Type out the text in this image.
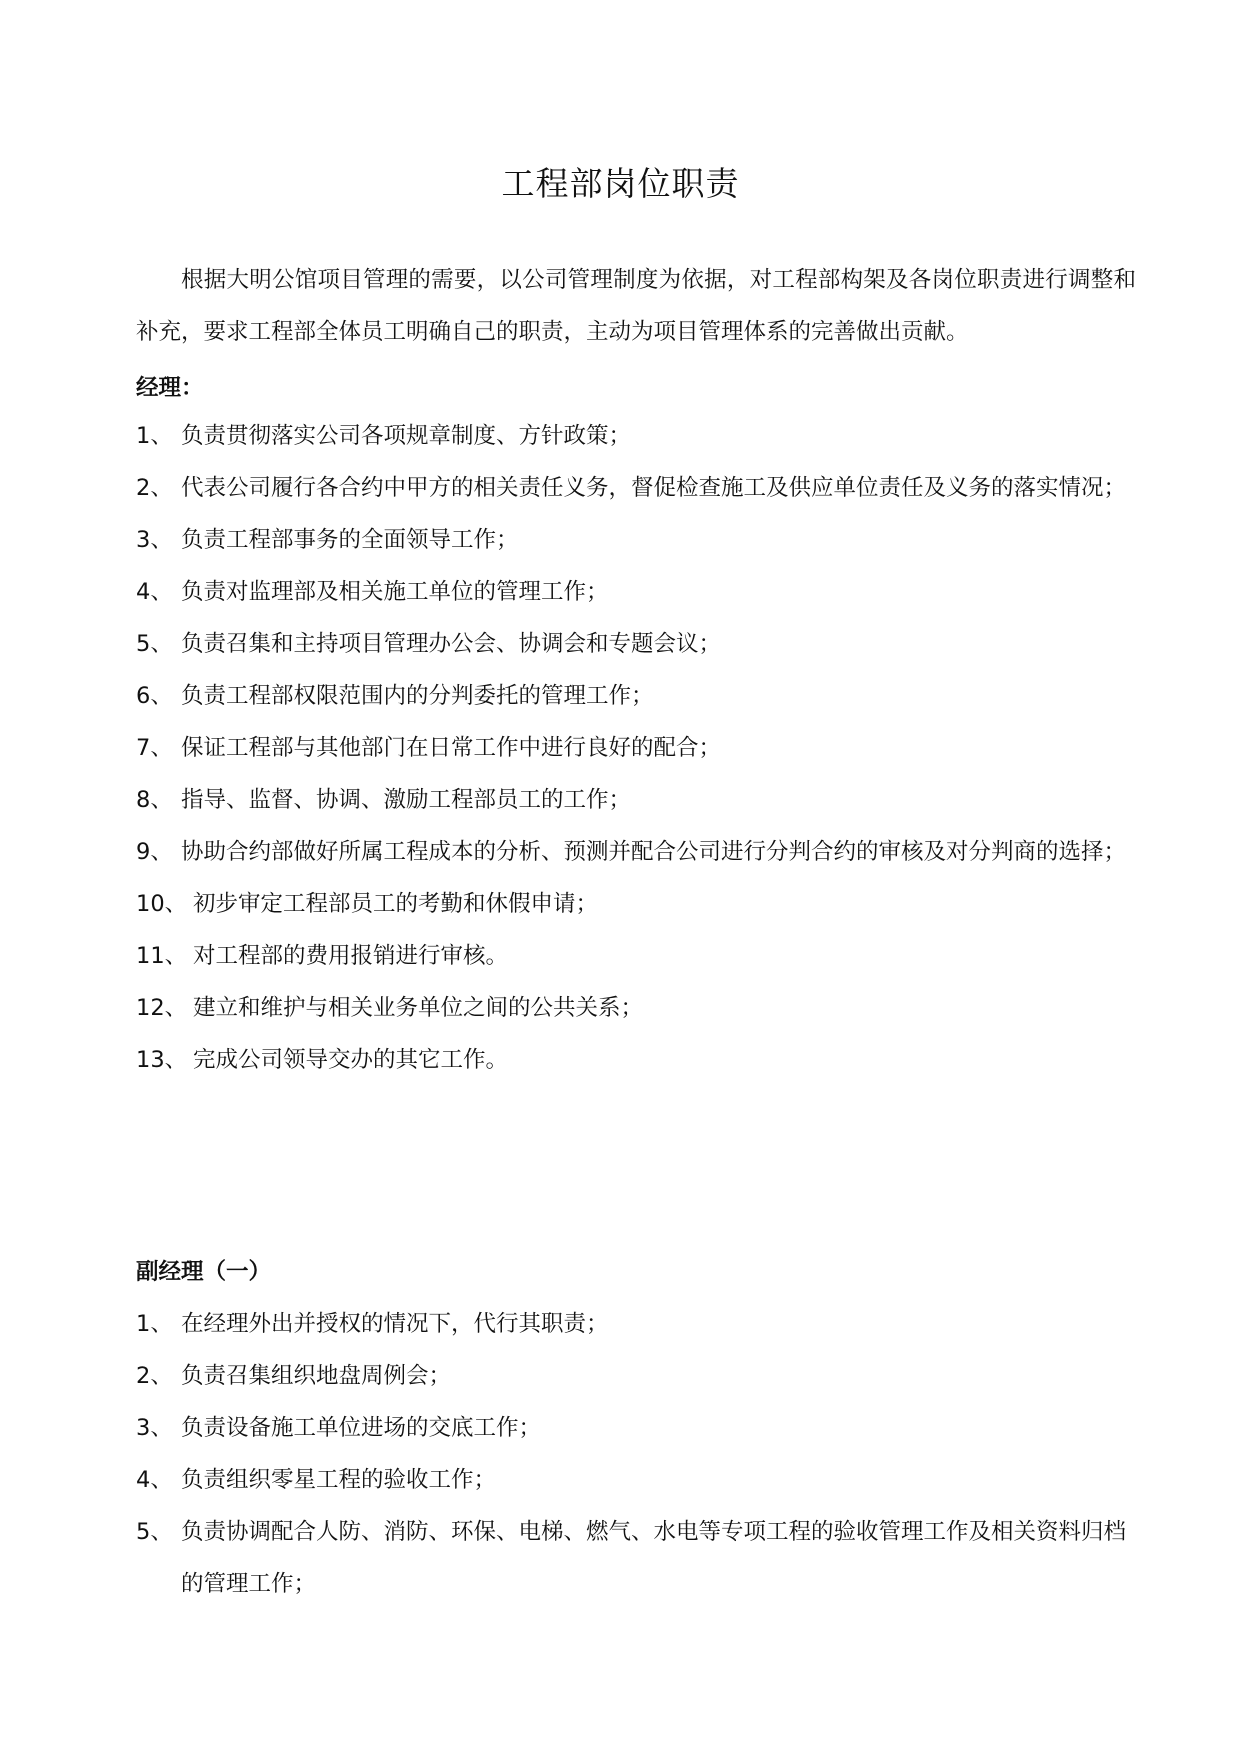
工程部岗位职责

根据大明公馆项目管理的需要，以公司管理制度为依据，对工程部构架及各岗位职责进行调整和补充，要求工程部全体员工明确自己的职责，主动为项目管理体系的完善做出贡献。

经理：
1、 负责贯彻落实公司各项规章制度、方针政策；
2、 代表公司履行各合约中甲方的相关责任义务，督促检查施工及供应单位责任及义务的落实情况；
3、 负责工程部事务的全面领导工作；
4、 负责对监理部及相关施工单位的管理工作；
5、 负责召集和主持项目管理办公会、协调会和专题会议；
6、 负责工程部权限范围内的分判委托的管理工作；
7、 保证工程部与其他部门在日常工作中进行良好的配合；
8、 指导、监督、协调、激励工程部员工的工作；
9、 协助合约部做好所属工程成本的分析、预测并配合公司进行分判合约的审核及对分判商的选择；
10、 初步审定工程部员工的考勤和休假申请；
11、 对工程部的费用报销进行审核。
12、 建立和维护与相关业务单位之间的公共关系；
13、 完成公司领导交办的其它工作。
副经理（一）
1、 在经理外出并授权的情况下，代行其职责；
2、 负责召集组织地盘周例会；
3、 负责设备施工单位进场的交底工作；
4、 负责组织零星工程的验收工作；
5、 负责协调配合人防、消防、环保、电梯、燃气、水电等专项工程的验收管理工作及相关资料归档的管理工作；
